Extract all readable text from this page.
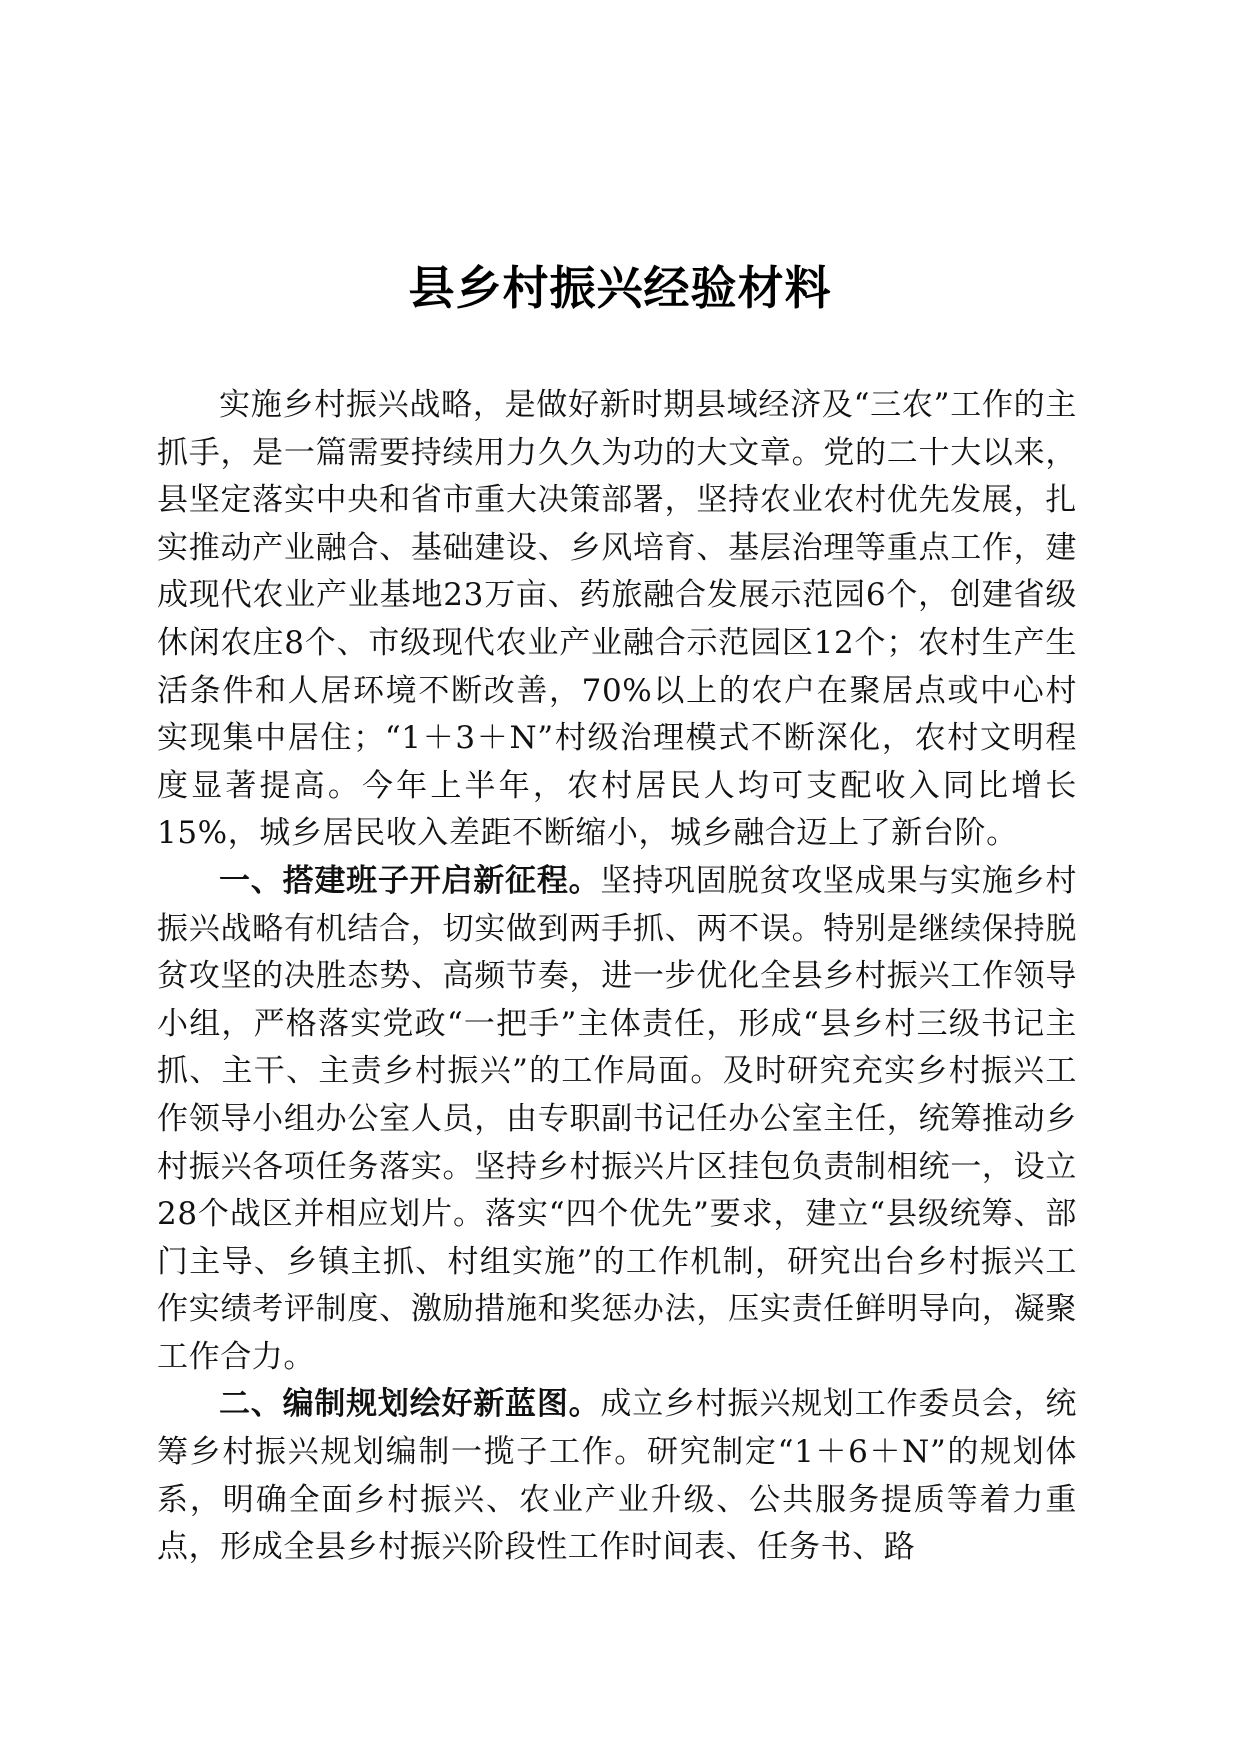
县乡村振兴经验材料

实施乡村振兴战略，是做好新时期县域经济及“三农”工作的主抓手，是一篇需要持续用力久久为功的大文章。党的二十大以来，县坚定落实中央和省市重大决策部署，坚持农业农村优先发展，扎实推动产业融合、基础建设、乡风培育、基层治理等重点工作，建成现代农业产业基地23万亩、药旅融合发展示范园6个，创建省级休闲农庄8个、市级现代农业产业融合示范园区12个；农村生产生活条件和人居环境不断改善，70%以上的农户在聚居点或中心村实现集中居住；“1＋3＋N”村级治理模式不断深化，农村文明程度显著提高。今年上半年，农村居民人均可支配收入同比增长15%，城乡居民收入差距不断缩小，城乡融合迈上了新台阶。

一、搭建班子开启新征程。坚持巩固脱贫攻坚成果与实施乡村振兴战略有机结合，切实做到两手抓、两不误。特别是继续保持脱贫攻坚的决胜态势、高频节奏，进一步优化全县乡村振兴工作领导小组，严格落实党政“一把手”主体责任，形成“县乡村三级书记主抓、主干、主责乡村振兴”的工作局面。及时研究充实乡村振兴工作领导小组办公室人员，由专职副书记任办公室主任，统筹推动乡村振兴各项任务落实。坚持乡村振兴片区挂包负责制相统一，设立28个战区并相应划片。落实“四个优先”要求，建立“县级统筹、部门主导、乡镇主抓、村组实施”的工作机制，研究出台乡村振兴工作实绩考评制度、激励措施和奖惩办法，压实责任鲜明导向，凝聚工作合力。

二、编制规划绘好新蓝图。成立乡村振兴规划工作委员会，统筹乡村振兴规划编制一揽子工作。研究制定“1＋6＋N”的规划体系，明确全面乡村振兴、农业产业升级、公共服务提质等着力重点，形成全县乡村振兴阶段性工作时间表、任务书、路
